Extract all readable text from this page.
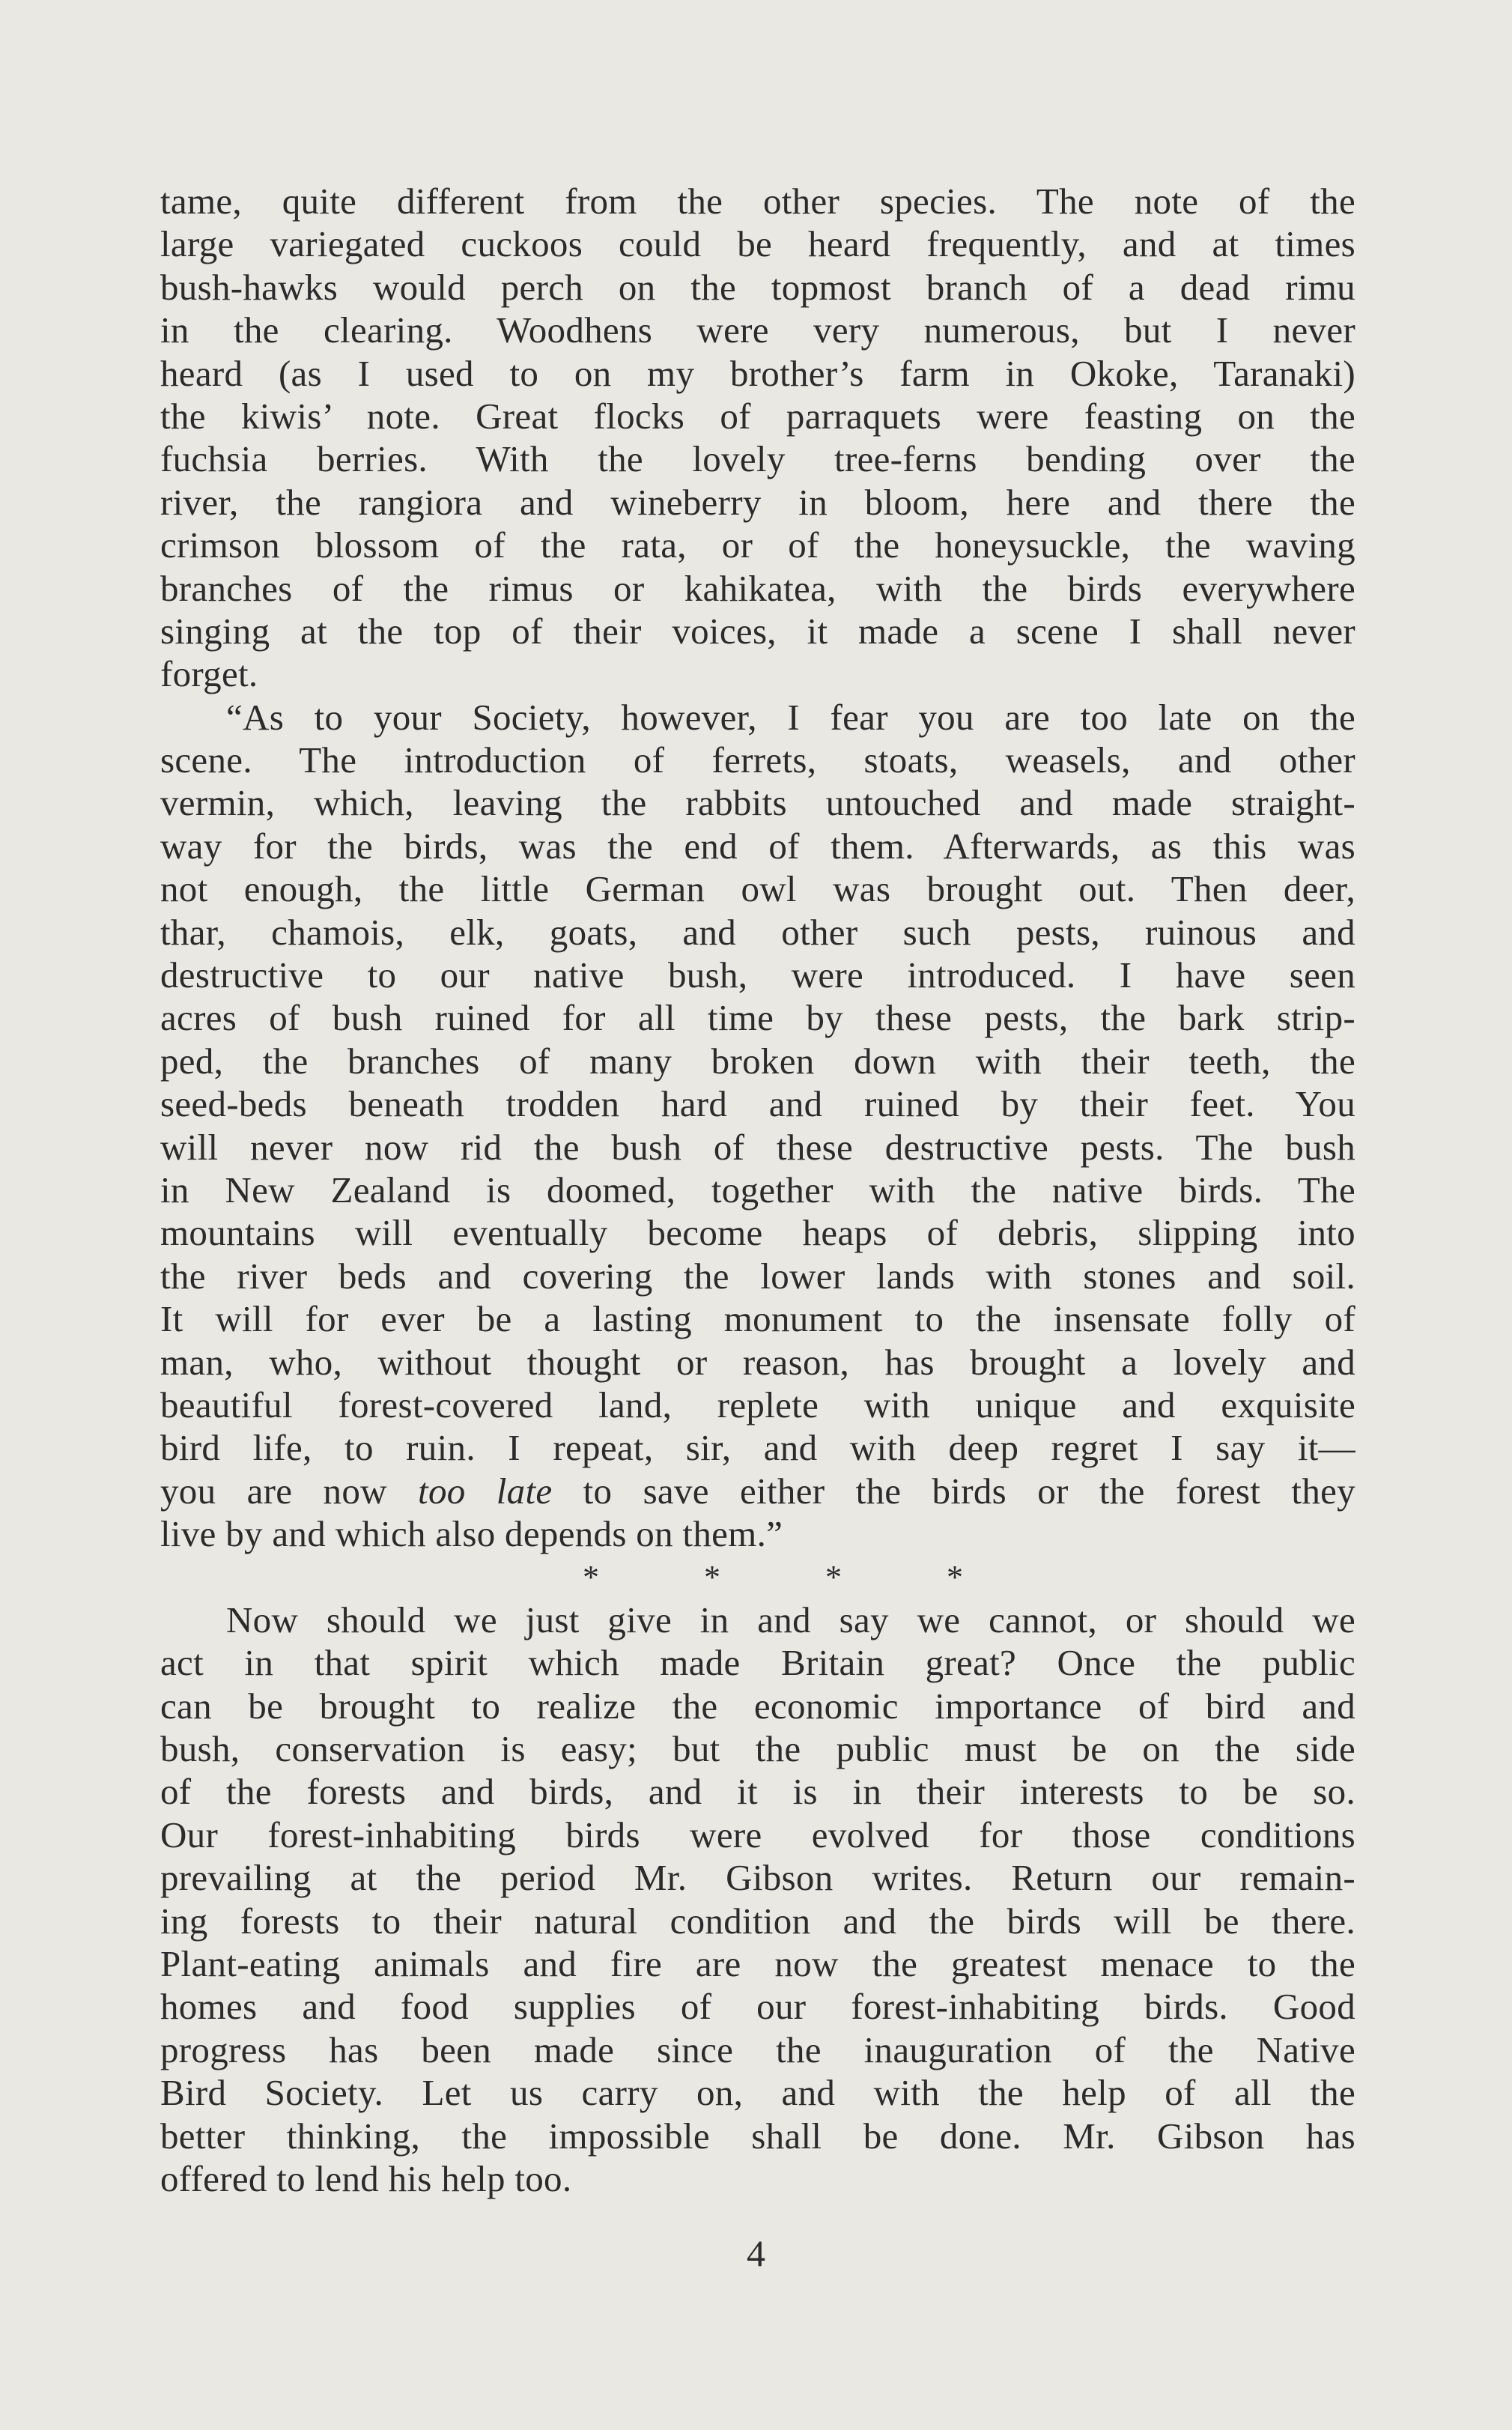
tame, quite different from the other species. The note of the
large variegated cuckoos could be heard frequently, and at times
bush-hawks would perch on the topmost branch of a dead rimu
in the clearing. Woodhens were very numerous, but I never
heard (as I used to on my brother’s farm in Okoke, Taranaki)
the kiwis’ note. Great flocks of parraquets were feasting on the
fuchsia berries. With the lovely tree-ferns bending over the
river, the rangiora and wineberry in bloom, here and there the
crimson blossom of the rata, or of the honeysuckle, the waving
branches of the rimus or kahikatea, with the birds everywhere
singing at the top of their voices, it made a scene I shall never
forget.
“As to your Society, however, I fear you are too late on the
scene. The introduction of ferrets, stoats, weasels, and other
vermin, which, leaving the rabbits untouched and made straight-
way for the birds, was the end of them. Afterwards, as this was
not enough, the little German owl was brought out. Then deer,
thar, chamois, elk, goats, and other such pests, ruinous and
destructive to our native bush, were introduced. I have seen
acres of bush ruined for all time by these pests, the bark strip-
ped, the branches of many broken down with their teeth, the
seed-beds beneath trodden hard and ruined by their feet. You
will never now rid the bush of these destructive pests. The bush
in New Zealand is doomed, together with the native birds. The
mountains will eventually become heaps of debris, slipping into
the river beds and covering the lower lands with stones and soil.
It will for ever be a lasting monument to the insensate folly of
man, who, without thought or reason, has brought a lovely and
beautiful forest-covered land, replete with unique and exquisite
bird life, to ruin. I repeat, sir, and with deep regret I say it—
you are now too late to save either the birds or the forest they
live by and which also depends on them.”
*	*	*	*
Now should we just give in and say we cannot, or should we
act in that spirit which made Britain great? Once the public
can be brought to realize the economic importance of bird and
bush, conservation is easy; but the public must be on the side
of the forests and birds, and it is in their interests to be so.
Our forest-inhabiting birds were evolved for those conditions
prevailing at the period Mr. Gibson writes. Return our remain-
ing forests to their natural condition and the birds will be there.
Plant-eating animals and fire are now the greatest menace to the
homes and food supplies of our forest-inhabiting birds. Good
progress has been made since the inauguration of the Native
Bird Society. Let us carry on, and with the help of all the
better thinking, the impossible shall be done. Mr. Gibson has
offered to lend his help too.
4
